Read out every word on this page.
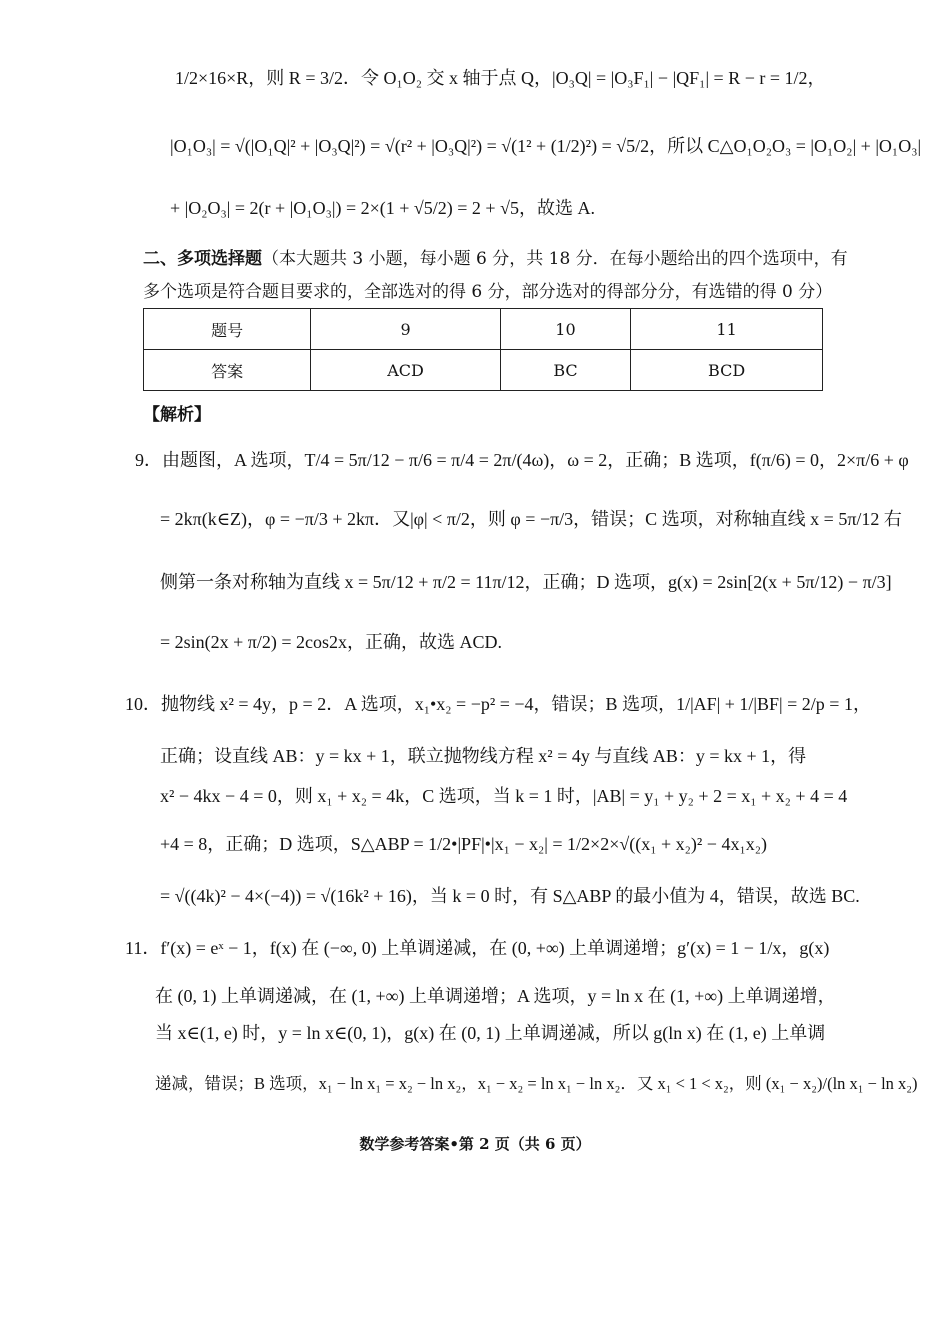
1/2×16×R，则 R = 3/2．令 O₁O₂ 交 x 轴于点 Q，|O₃Q| = |O₃F₁| − |QF₁| = R − r = 1/2，
|O₁O₃| = √(|O₁Q|² + |O₃Q|²) = √(r² + |O₃Q|²) = √(1² + (1/2)²) = √5/2，所以 C△O₁O₂O₃ = |O₁O₂| + |O₁O₃|
+ |O₂O₃| = 2(r + |O₁O₃|) = 2×(1 + √5/2) = 2 + √5，故选 A.
二、多项选择题（本大题共 3 小题，每小题 6 分，共 18 分．在每小题给出的四个选项中，有
多个选项是符合题目要求的，全部选对的得 6 分，部分选对的得部分分，有选错的得 0 分）
题号	9	10	11
答案	ACD	BC	BCD
【解析】
9．由题图，A 选项，T/4 = 5π/12 − π/6 = π/4 = 2π/(4ω)，ω = 2，正确；B 选项，f(π/6) = 0，2×π/6 + φ
= 2kπ(k∈Z)，φ = −π/3 + 2kπ．又|φ| < π/2，则 φ = −π/3，错误；C 选项，对称轴直线 x = 5π/12 右
侧第一条对称轴为直线 x = 5π/12 + π/2 = 11π/12，正确；D 选项，g(x) = 2sin[2(x + 5π/12) − π/3]
= 2sin(2x + π/2) = 2cos2x，正确，故选 ACD.
10．抛物线 x² = 4y，p = 2．A 选项，x₁•x₂ = −p² = −4，错误；B 选项，1/|AF| + 1/|BF| = 2/p = 1，
正确；设直线 AB：y = kx + 1，联立抛物线方程 x² = 4y 与直线 AB：y = kx + 1，得
x² − 4kx − 4 = 0，则 x₁ + x₂ = 4k，C 选项，当 k = 1 时，|AB| = y₁ + y₂ + 2 = x₁ + x₂ + 4 = 4
+4 = 8，正确；D 选项，S△ABP = 1/2•|PF|•|x₁ − x₂| = 1/2×2×√((x₁ + x₂)² − 4x₁x₂)
= √((4k)² − 4×(−4)) = √(16k² + 16)，当 k = 0 时，有 S△ABP 的最小值为 4，错误，故选 BC.
11．f′(x) = eˣ − 1，f(x) 在 (−∞, 0) 上单调递减，在 (0, +∞) 上单调递增；g′(x) = 1 − 1/x，g(x)
在 (0, 1) 上单调递减，在 (1, +∞) 上单调递增；A 选项，y = ln x 在 (1, +∞) 上单调递增，
当 x∈(1, e) 时，y = ln x∈(0, 1)，g(x) 在 (0, 1) 上单调递减，所以 g(ln x) 在 (1, e) 上单调
递减，错误；B 选项，x₁ − ln x₁ = x₂ − ln x₂，x₁ − x₂ = ln x₁ − ln x₂．又 x₁ < 1 < x₂，则 (x₁ − x₂)/(ln x₁ − ln x₂)
数学参考答案•第 2 页（共 6 页）
